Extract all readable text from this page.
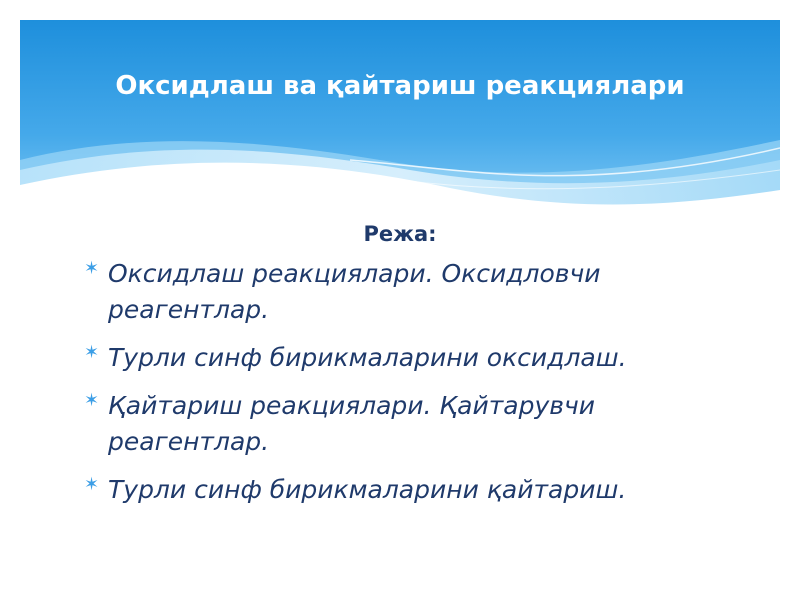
Оксидлаш ва қайтариш реакциялари

Режа:

✶ Оксидлаш реакциялари. Оксидловчи реагентлар.
✶ Турли синф бирикмаларини оксидлаш.
✶ Қайтариш реакциялари. Қайтарувчи реагентлар.
✶ Турли синф бирикмаларини қайтариш.
